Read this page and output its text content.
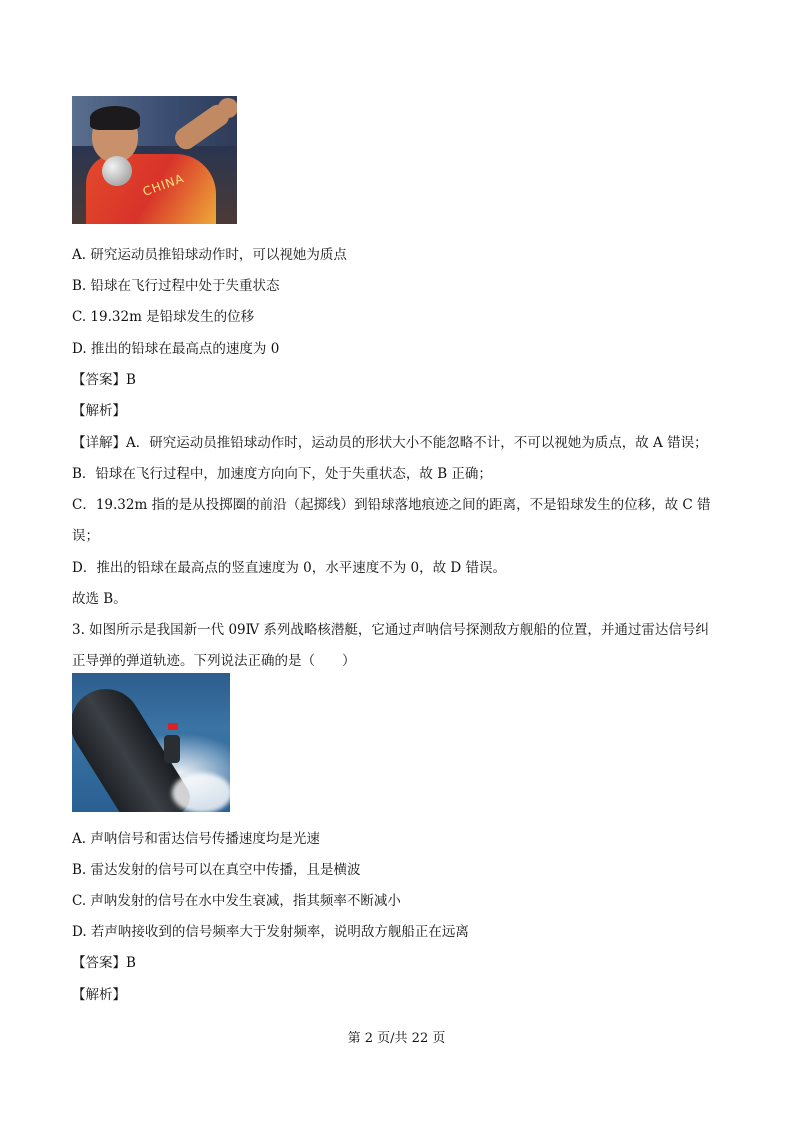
CHINA
A. 研究运动员推铅球动作时，可以视她为质点
B. 铅球在飞行过程中处于失重状态
C. 19.32m 是铅球发生的位移
D. 推出的铅球在最高点的速度为 0
【答案】B
【解析】
【详解】A．研究运动员推铅球动作时，运动员的形状大小不能忽略不计，不可以视她为质点，故 A 错误；
B．铅球在飞行过程中，加速度方向向下，处于失重状态，故 B 正确；
C．19.32m 指的是从投掷圈的前沿（起掷线）到铅球落地痕迹之间的距离，不是铅球发生的位移，故 C 错
误；
D．推出的铅球在最高点的竖直速度为 0，水平速度不为 0，故 D 错误。
故选 B。
3. 如图所示是我国新一代 09Ⅳ 系列战略核潜艇，它通过声呐信号探测敌方舰船的位置，并通过雷达信号纠
正导弹的弹道轨迹。下列说法正确的是（　　）
A. 声呐信号和雷达信号传播速度均是光速
B. 雷达发射的信号可以在真空中传播，且是横波
C. 声呐发射的信号在水中发生衰减，指其频率不断减小
D. 若声呐接收到的信号频率大于发射频率，说明敌方舰船正在远离
【答案】B
【解析】
第 2 页/共 22 页
